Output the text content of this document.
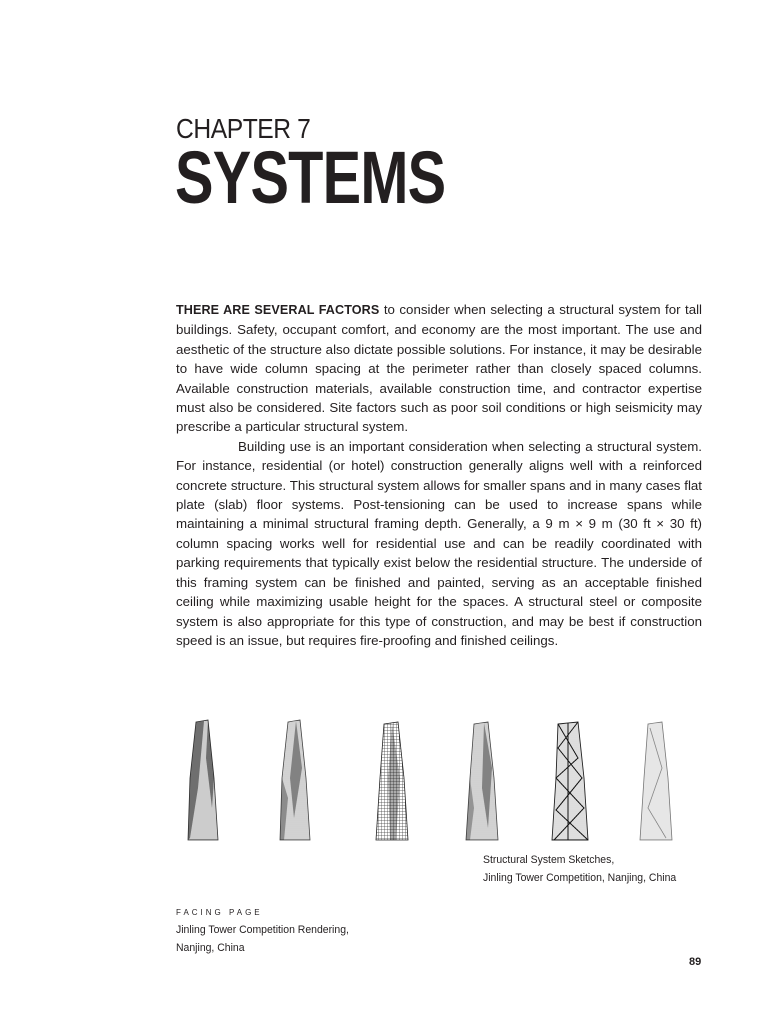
CHAPTER 7
SYSTEMS

THERE ARE SEVERAL FACTORS to consider when selecting a structural system for tall buildings. Safety, occupant comfort, and economy are the most important. The use and aesthetic of the structure also dictate possible solutions. For instance, it may be desirable to have wide column spacing at the perimeter rather than closely spaced columns. Available construction materials, available construction time, and contractor expertise must also be considered. Site factors such as poor soil conditions or high seismicity may prescribe a particular structural system.

Building use is an important consideration when selecting a structural system. For instance, residential (or hotel) construction generally aligns well with a reinforced concrete structure. This structural system allows for smaller spans and in many cases flat plate (slab) floor systems. Post-tensioning can be used to increase spans while maintaining a minimal structural framing depth. Generally, a 9 m × 9 m (30 ft × 30 ft) column spacing works well for residential use and can be readily coordinated with parking requirements that typically exist below the residential structure. The underside of this framing system can be finished and painted, serving as an acceptable finished ceiling while maximizing usable height for the spaces. A structural steel or composite system is also appropriate for this type of construction, and may be best if construction speed is an issue, but requires fire-proofing and finished ceilings.

Structural System Sketches,
Jinling Tower Competition, Nanjing, China
FACING PAGE
Jinling Tower Competition Rendering,
Nanjing, China
89
